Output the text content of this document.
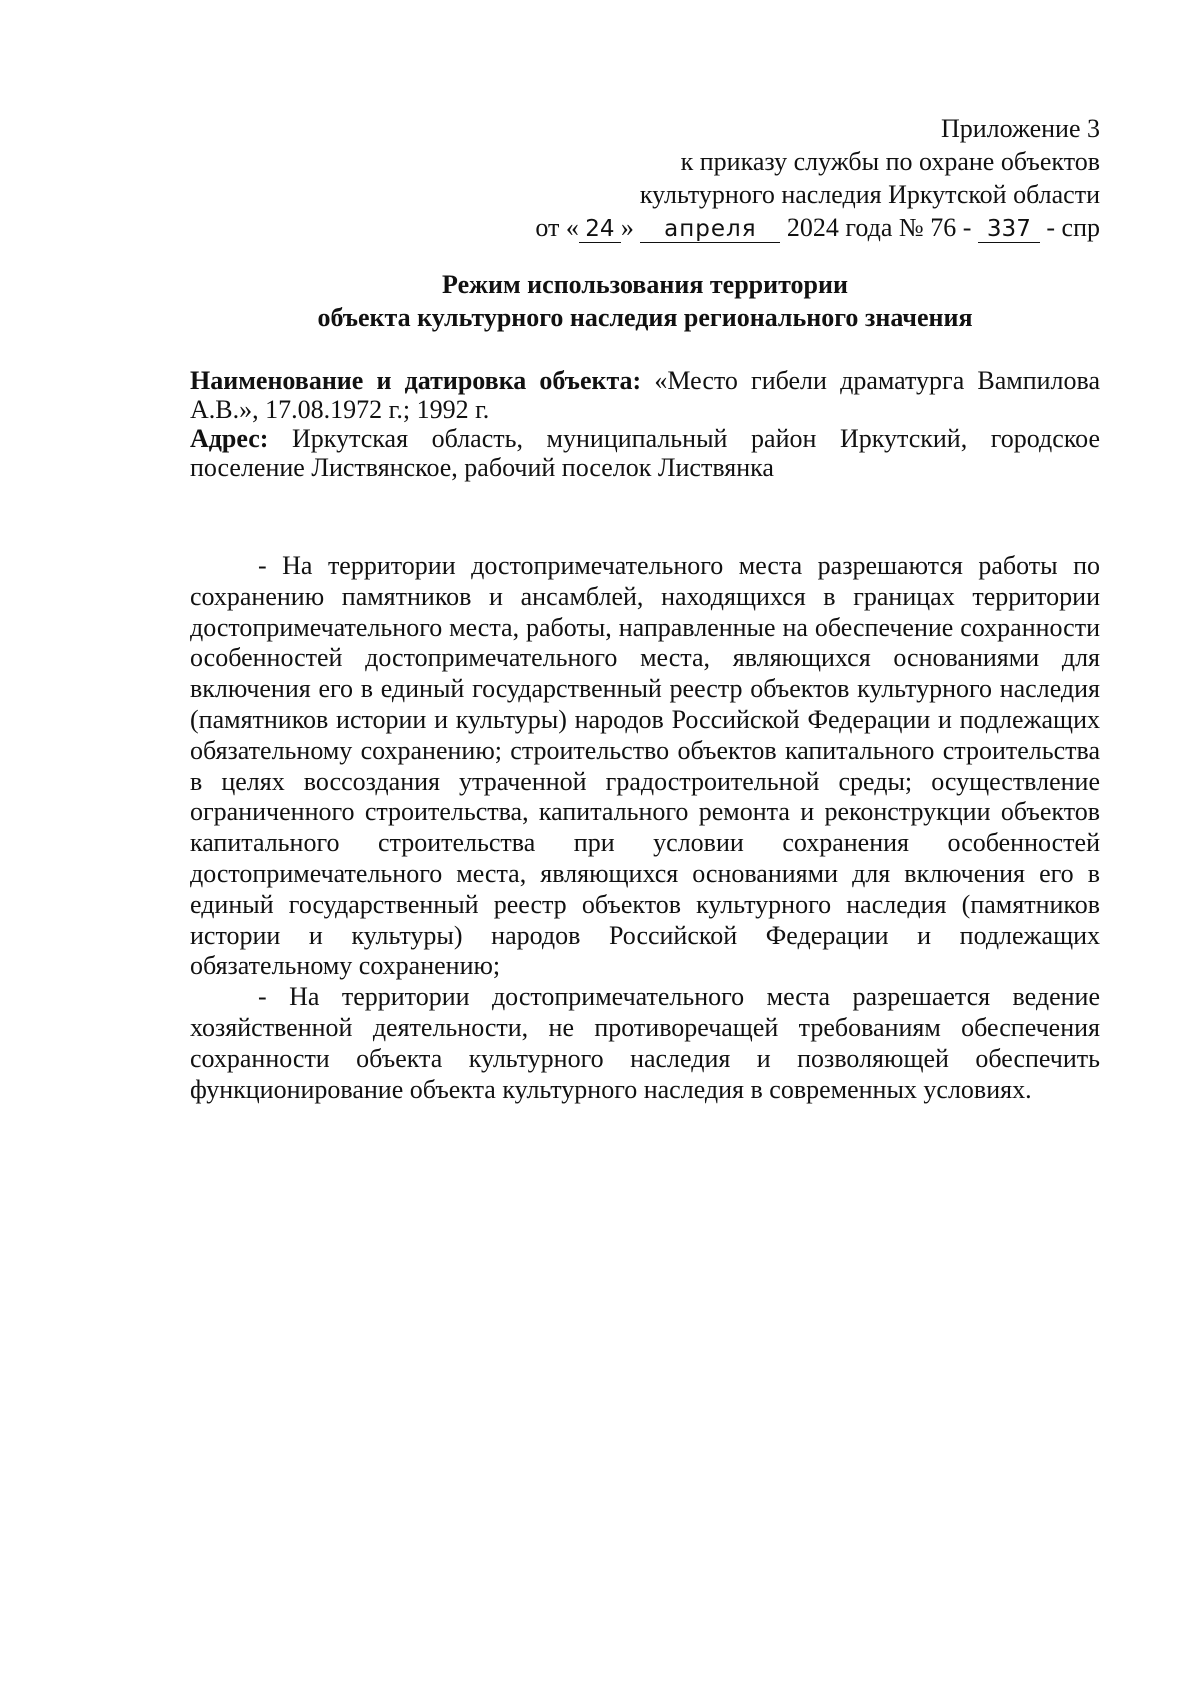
Приложение 3
к приказу службы по охране объектов
культурного наследия Иркутской области
от « 24 » апреля 2024 года № 76 - 337 - спр
Режим использования территории
объекта культурного наследия регионального значения

Наименование и датировка объекта: «Место гибели драматурга Вампилова А.В.», 17.08.1972 г.; 1992 г.

Адрес: Иркутская область, муниципальный район Иркутский, городское поселение Листвянское, рабочий поселок Листвянка

- На территории достопримечательного места разрешаются работы по сохранению памятников и ансамблей, находящихся в границах территории достопримечательного места, работы, направленные на обеспечение сохранности особенностей достопримечательного места, являющихся основаниями для включения его в единый государственный реестр объектов культурного наследия (памятников истории и культуры) народов Российской Федерации и подлежащих обязательному сохранению; строительство объектов капитального строительства в целях воссоздания утраченной градостроительной среды; осуществление ограниченного строительства, капитального ремонта и реконструкции объектов капитального строительства при условии сохранения особенностей достопримечательного места, являющихся основаниями для включения его в единый государственный реестр объектов культурного наследия (памятников истории и культуры) народов Российской Федерации и подлежащих обязательному сохранению;

- На территории достопримечательного места разрешается ведение хозяйственной деятельности, не противоречащей требованиям обеспечения сохранности объекта культурного наследия и позволяющей обеспечить функционирование объекта культурного наследия в современных условиях.
